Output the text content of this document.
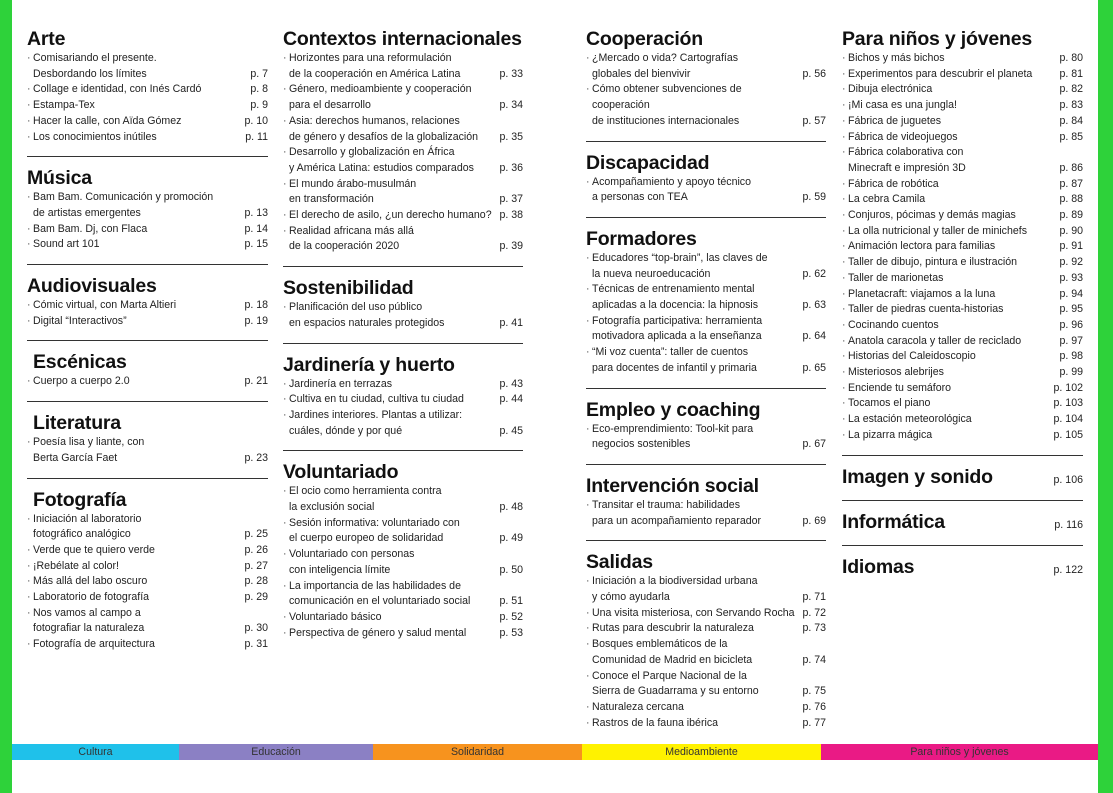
Arte
· Comisariando el presente.
Desbordando los límites	p. 7
· Collage e identidad, con Inés Cardó	p. 8
· Estampa-Tex	p. 9
· Hacer la calle, con Aïda Gómez	p. 10
· Los conocimientos inútiles	p. 11
Música
· Bam Bam. Comunicación y promoción
de artistas emergentes	p. 13
· Bam Bam. Dj, con Flaca	p. 14
· Sound art 101	p. 15
Audiovisuales
· Cómic virtual, con Marta Altieri	p. 18
· Digital “Interactivos”	p. 19
Escénicas
· Cuerpo a cuerpo 2.0	p. 21
Literatura
· Poesía lisa y liante, con
Berta García Faet	p. 23
Fotografía
· Iniciación al laboratorio
fotográfico analógico	p. 25
· Verde que te quiero verde	p. 26
· ¡Rebélate al color!	p. 27
· Más allá del labo oscuro	p. 28
· Laboratorio de fotografía	p. 29
· Nos vamos al campo a
fotografiar la naturaleza	p. 30
· Fotografía de arquitectura	p. 31
Contextos internacionales
· Horizontes para una reformulación
de la cooperación en América Latina	p. 33
· Género, medioambiente y cooperación
para el desarrollo	p. 34
· Asia: derechos humanos, relaciones
de género y desafíos de la globalización	p. 35
· Desarrollo y globalización en África
y América Latina: estudios comparados	p. 36
· El mundo árabo-musulmán
en transformación	p. 37
· El derecho de asilo, ¿un derecho humano? p. 38
· Realidad africana más allá
de la cooperación 2020	p. 39
Sostenibilidad
· Planificación del uso público
en espacios naturales protegidos	p. 41
Jardinería y huerto
· Jardinería en terrazas	p. 43
· Cultiva en tu ciudad, cultiva tu ciudad	p. 44
· Jardines interiores. Plantas a utilizar:
cuáles, dónde y por qué	p. 45
Voluntariado
· El ocio como herramienta contra
la exclusión social	p. 48
· Sesión informativa: voluntariado con
el cuerpo europeo de solidaridad	p. 49
· Voluntariado con personas
con inteligencia límite	p. 50
· La importancia de las habilidades de
comunicación en el voluntariado social	p. 51
· Voluntariado básico	p. 52
· Perspectiva de género y salud mental	p. 53
Cooperación
· ¿Mercado o vida? Cartografías
globales del bienvivir	p. 56
· Cómo obtener subvenciones de cooperación
de instituciones internacionales	p. 57
Discapacidad
· Acompañamiento y apoyo técnico
a personas con TEA	p. 59
Formadores
· Educadores “top-brain”, las claves de
la nueva neuroeducación	p. 62
· Técnicas de entrenamiento mental
aplicadas a la docencia: la hipnosis	p. 63
· Fotografía participativa: herramienta
motivadora aplicada a la enseñanza	p. 64
· “Mi voz cuenta”: taller de cuentos
para docentes de infantil y primaria	p. 65
Empleo y coaching
· Eco-emprendimiento: Tool-kit para
negocios sostenibles	p. 67
Intervención social
· Transitar el trauma: habilidades
para un acompañamiento reparador	p. 69
Salidas
· Iniciación a la biodiversidad urbana
y cómo ayudarla	p. 71
· Una visita misteriosa, con Servando Rocha p. 72
· Rutas para descubrir la naturaleza	p. 73
· Bosques emblemáticos de la
Comunidad de Madrid en bicicleta	p. 74
· Conoce el Parque Nacional de la
Sierra de Guadarrama y su entorno	p. 75
· Naturaleza cercana	p. 76
· Rastros de la fauna ibérica	p. 77
Para niños y jóvenes
· Bichos y más bichos	p. 80
· Experimentos para descubrir el planeta	p. 81
· Dibuja electrónica	p. 82
· ¡Mi casa es una jungla!	p. 83
· Fábrica de juguetes	p. 84
· Fábrica de videojuegos	p. 85
· Fábrica colaborativa con
Minecraft e impresión 3D	p. 86
· Fábrica de robótica	p. 87
· La cebra Camila	p. 88
· Conjuros, pócimas y demás magias	p. 89
· La olla nutricional y taller de minichefs	p. 90
· Animación lectora para familias	p. 91
· Taller de dibujo, pintura e ilustración	p. 92
· Taller de marionetas	p. 93
· Planetacraft: viajamos a la luna	p. 94
· Taller de piedras cuenta-historias	p. 95
· Cocinando cuentos	p. 96
· Anatola caracola y taller de reciclado	p. 97
· Historias del Caleidoscopio	p. 98
· Misteriosos alebrijes	p. 99
· Enciende tu semáforo	p. 102
· Tocamos el piano	p. 103
· La estación meteorológica	p. 104
· La pizarra mágica	p. 105
Imagen y sonido	p. 106
Informática	p. 116
Idiomas	p. 122
Cultura	Educación	Solidaridad	Medioambiente	Para niños y jóvenes
